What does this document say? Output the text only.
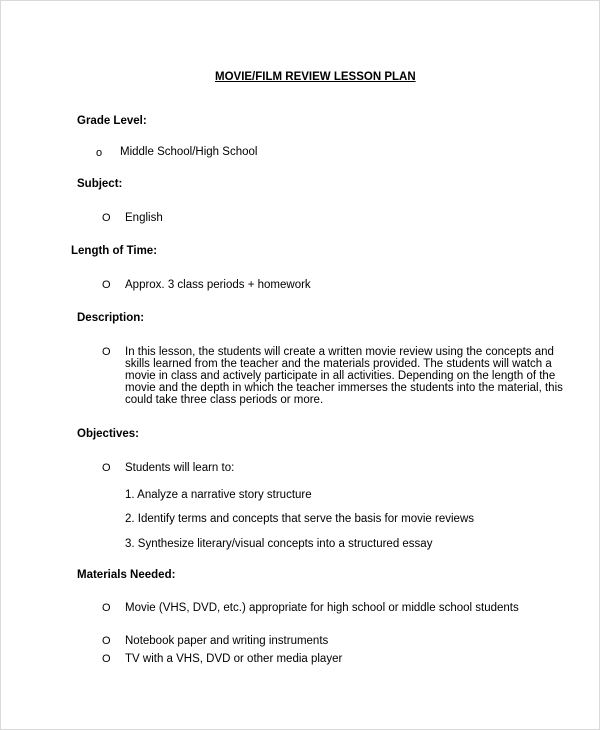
MOVIE/FILM REVIEW LESSON PLAN
Grade Level:
o Middle School/High School
Subject:
O English
Length of Time:
O Approx. 3 class periods + homework
Description:
O In this lesson, the students will create a written movie review using the concepts and
skills learned from the teacher and the materials provided. The students will watch a
movie in class and actively participate in all activities. Depending on the length of the
movie and the depth in which the teacher immerses the students into the material, this
could take three class periods or more.
Objectives:
O Students will learn to:
1. Analyze a narrative story structure
2. Identify terms and concepts that serve the basis for movie reviews
3. Synthesize literary/visual concepts into a structured essay
Materials Needed:
O Movie (VHS, DVD, etc.) appropriate for high school or middle school students
O Notebook paper and writing instruments
O TV with a VHS, DVD or other media player
